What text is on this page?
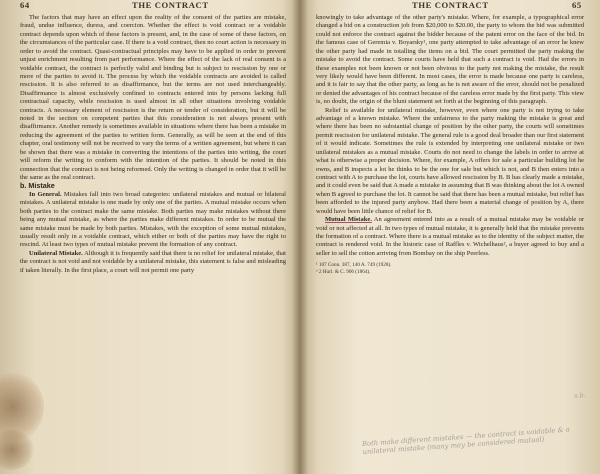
64	THE CONTRACT

The factors that may have an effect upon the reality of the consent of the parties are mistake, fraud, undue influence, duress, and coercion. Whether the effect is void contract or a voidable contract depends upon which of these factors is present, and, in the case of some of these factors, on the circumstances of the particular case. If there is a void contract, then no court action is necessary in order to avoid the contract. Quasi-contractual principles may have to be applied in order to prevent unjust enrichment resulting from part performance. Where the effect of the lack of real consent is a voidable contract, the contract is perfectly valid and binding but is subject to rescission by one or more of the parties to avoid it. The process by which the voidable contracts are avoided is called rescission. It is also referred to as disaffirmance, but the terms are not used interchangeably. Disaffirmance is almost exclusively confined to contracts entered into by persons lacking full contractual capacity, while rescission is used almost in all other situations involving voidable contracts. A necessary element of rescission is the return or tender of consideration, but it will be noted in the section on competent parties that this consideration is not always present with disaffirmance. Another remedy is sometimes available in situations where there has been a mistake in reducing the agreement of the parties to written form. Generally, as will be seen at the end of this chapter, oral testimony will not be received to vary the terms of a written agreement, but where it can be shown that there was a mistake in converting the intentions of the parties into writing, the court will reform the writing to conform with the intention of the parties. It should be noted in this connection that the contract is not being reformed. Only the writing is changed in order that it will be the same as the real contract.

b. Mistake

In General. Mistakes fall into two broad categories: unilateral mistakes and mutual or bilateral mistakes. A unilateral mistake is one made by only one of the parties. A mutual mistake occurs when both parties to the contract make the same mistake. Both parties may make mistakes without there being any mutual mistake, as where the parties make different mistakes. In order to be mutual the same mistake must be made by both parties. Mistakes, with the exception of some mutual mistakes, usually result only in a voidable contract, which either or both of the parties may have the right to rescind. At least two types of mutual mistake prevent the formation of any contract.

Unilateral Mistake. Although it is frequently said that there is no relief for unilateral mistake, that the contract is not void and not voidable by a unilateral mistake, this statement is false and misleading if taken literally. In the first place, a court will not permit one party

THE CONTRACT	65

knowingly to take advantage of the other party's mistake. Where, for example, a typographical error changed a bid on a construction job from $20,000 to $20.00, the party to whom the bid was submitted could not enforce the contract against the bidder because of the patent error on the face of the bid. In the famous case of Geremia v. Boyarsky¹, one party attempted to take advantage of an error he knew the other party had made in totalling the items on a bid. The court permitted the party making the mistake to avoid the contract. Some courts have held that such a contract is void. Had the errors in these examples not been known or not been obvious to the party not making the mistake, the result very likely would have been different. In most cases, the error is made because one party is careless, and it is fair to say that the other party, as long as he is not aware of the error, should not be penalized or denied the advantages of his contract because of the careless error made by the first party. This view is, no doubt, the origin of the blunt statement set forth at the beginning of this paragraph.

Relief is available for unilateral mistake, however, even where one party is not trying to take advantage of a known mistake. Where the unfairness to the party making the mistake is great and where there has been no substantial change of position by the other party, the courts will sometimes permit rescission for unilateral mistake. The general rule is a good deal broader than our first statement of it would indicate. Sometimes the rule is extended by interpreting one unilateral mistake or two unilateral mistakes as a mutual mistake. Courts do not need to change the labels in order to arrive at what is otherwise a proper decision. Where, for example, A offers for sale a particular building lot he owns, and B inspects a lot he thinks to be the one for sale but which is not, and B then enters into a contract with A to purchase the lot, courts have allowed rescission by B. B has clearly made a mistake, and it could even be said that A made a mistake in assuming that B was thinking about the lot A owned when B agreed to purchase the lot. It cannot be said that there has been a mutual mistake, but relief has been afforded to the injured party anyhow. Had there been a material change of position by A, there would have been little chance of relief for B.

Mutual Mistake. An agreement entered into as a result of a mutual mistake may be voidable or void or not affected at all. In two types of mutual mistake, it is generally held that the mistake prevents the formation of a contract. Where there is a mutual mistake as to the identity of the subject matter, the contract is rendered void. In the historic case of Raffles v. Wichelhaus², a buyer agreed to buy and a seller to sell the cotton arriving from Bombay on the ship Peerless.

¹ 107 Conn. 387, 140 A. 749 (1928).
² 2 Hurl. & C. 906 (1864).
Both make different mistakes — the contract is voidable & a unilateral mistake (many may be considered mutual)
n.b.
